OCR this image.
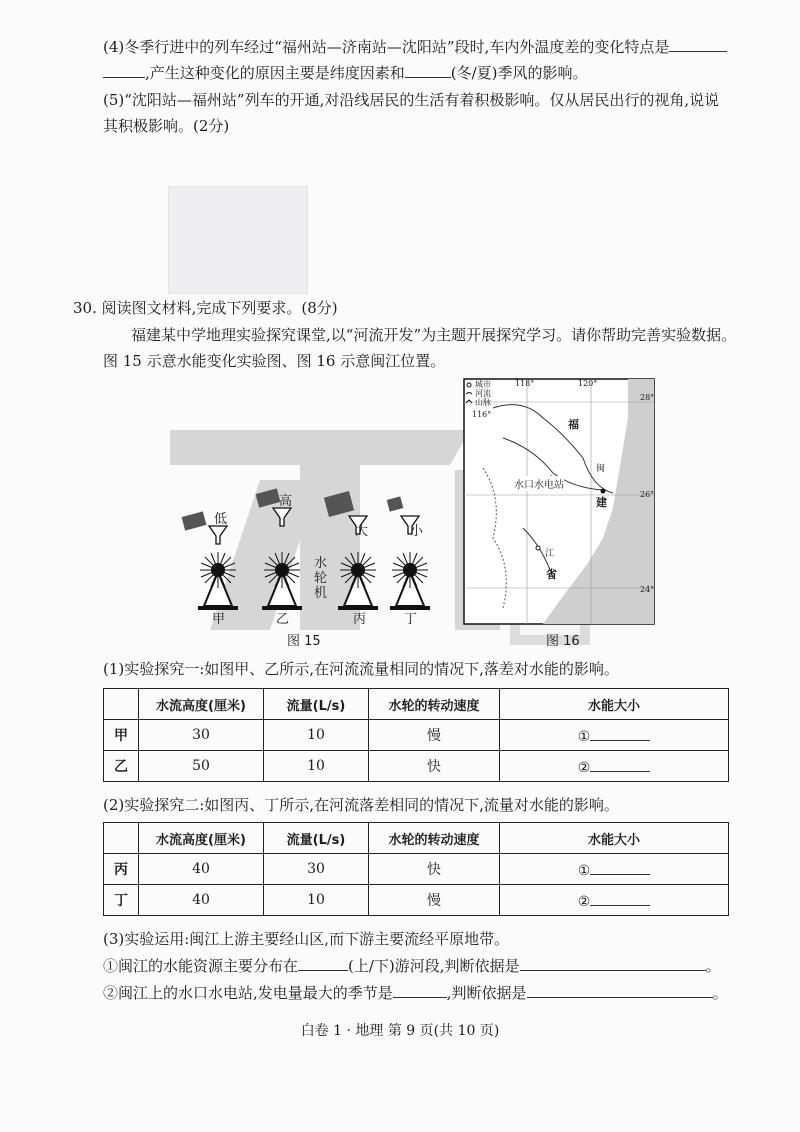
(4)冬季行进中的列车经过“福州站—济南站—沈阳站”段时,车内外温度差的变化特点是
,产生这种变化的原因主要是纬度因素和	(冬/夏)季风的影响。
(5)“沈阳站—福州站”列车的开通,对沿线居民的生活有着积极影响。仅从居民出行的视角,说说
其积极影响。(2分)
30. 阅读图文材料,完成下列要求。(8分)
福建某中学地理实验探究课堂,以“河流开发”为主题开展探究学习。请你帮助完善实验数据。
图 15 示意水能变化实验图、图 16 示意闽江位置。
低
高
大	小
水轮机
甲	乙	丙	丁
图 15
城市
河流
山脉
116°
118°	120°
28°
26°
24°
福
建
省
水口水电站
闽
江
图 16
(1)实验探究一:如图甲、乙所示,在河流流量相同的情况下,落差对水能的影响。
	水流高度(厘米)	流量(L/s)	水轮的转动速度	水能大小
甲	30	10	慢	①
乙	50	10	快	②
(2)实验探究二:如图丙、丁所示,在河流落差相同的情况下,流量对水能的影响。
	水流高度(厘米)	流量(L/s)	水轮的转动速度	水能大小
丙	40	30	快	①
丁	40	10	慢	②
(3)实验运用:闽江上游主要经山区,而下游主要流经平原地带。
①闽江的水能资源主要分布在	(上/下)游河段,判断依据是	。
②闽江上的水口水电站,发电量最大的季节是	,判断依据是	。
白卷 1 · 地理 第 9 页(共 10 页)
